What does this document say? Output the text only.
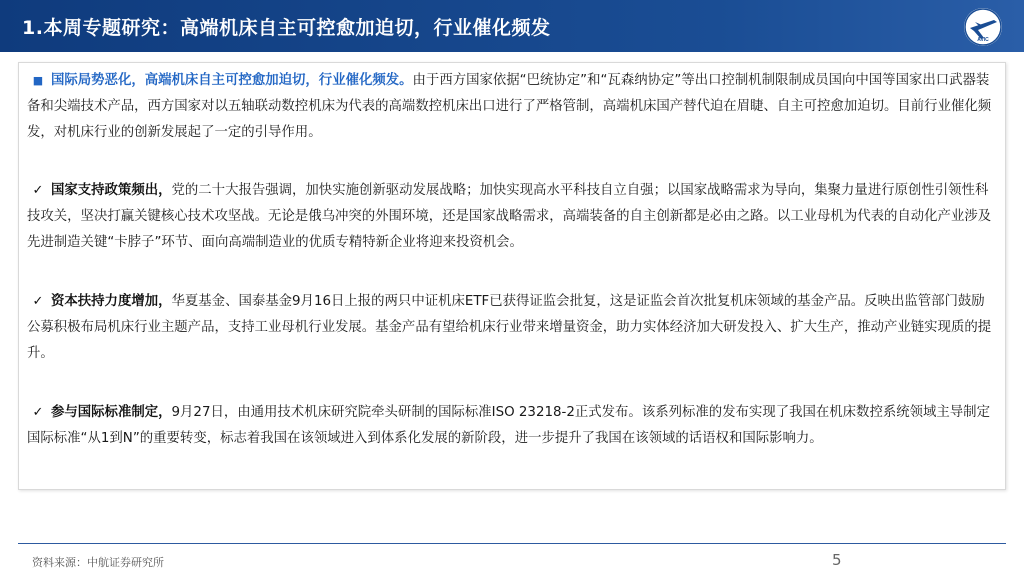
1.本周专题研究：高端机床自主可控愈加迫切，行业催化频发
AVIC

■ 国际局势恶化，高端机床自主可控愈加迫切，行业催化频发。由于西方国家依据“巴统协定”和“瓦森纳协定”等出口控制机制限制成员国向中国等国家出口武器装备和尖端技术产品，西方国家对以五轴联动数控机床为代表的高端数控机床出口进行了严格管制，高端机床国产替代迫在眉睫、自主可控愈加迫切。目前行业催化频发，对机床行业的创新发展起了一定的引导作用。

✓ 国家支持政策频出，党的二十大报告强调，加快实施创新驱动发展战略；加快实现高水平科技自立自强；以国家战略需求为导向，集聚力量进行原创性引领性科技攻关，坚决打赢关键核心技术攻坚战。无论是俄乌冲突的外围环境，还是国家战略需求，高端装备的自主创新都是必由之路。以工业母机为代表的自动化产业涉及先进制造关键“卡脖子”环节、面向高端制造业的优质专精特新企业将迎来投资机会。

✓ 资本扶持力度增加，华夏基金、国泰基金9月16日上报的两只中证机床ETF已获得证监会批复，这是证监会首次批复机床领域的基金产品。反映出监管部门鼓励公募积极布局机床行业主题产品，支持工业母机行业发展。基金产品有望给机床行业带来增量资金，助力实体经济加大研发投入、扩大生产，推动产业链实现质的提升。

✓ 参与国际标准制定，9月27日，由通用技术机床研究院牵头研制的国际标准ISO 23218-2正式发布。该系列标准的发布实现了我国在机床数控系统领域主导制定国际标准“从1到N”的重要转变，标志着我国在该领域进入到体系化发展的新阶段，进一步提升了我国在该领域的话语权和国际影响力。

资料来源：中航证券研究所	5
